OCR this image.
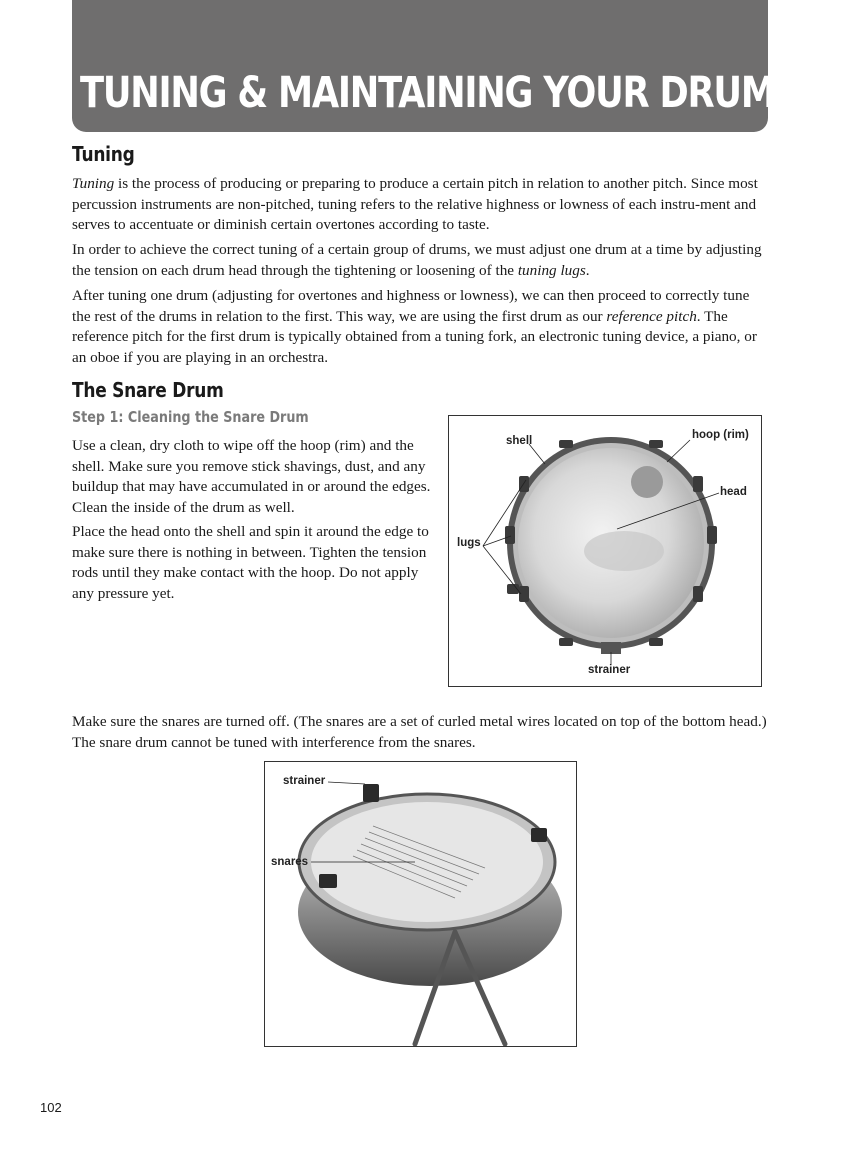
TUNING & MAINTAINING YOUR DRUMSET
Tuning

Tuning is the process of producing or preparing to produce a certain pitch in relation to another pitch. Since most percussion instruments are non-pitched, tuning refers to the relative highness or lowness of each instru-ment and serves to accentuate or diminish certain overtones according to taste.

In order to achieve the correct tuning of a certain group of drums, we must adjust one drum at a time by adjusting the tension on each drum head through the tightening or loosening of the tuning lugs.

After tuning one drum (adjusting for overtones and highness or lowness), we can then proceed to correctly tune the rest of the drums in relation to the first. This way, we are using the first drum as our reference pitch. The reference pitch for the first drum is typically obtained from a tuning fork, an electronic tuning device, a piano, or an oboe if you are playing in an orchestra.

The Snare Drum
Step 1: Cleaning the Snare Drum

Use a clean, dry cloth to wipe off the hoop (rim) and the shell. Make sure you remove stick shavings, dust, and any buildup that may have accumulated in or around the edges. Clean the inside of the drum as well.

Place the head onto the shell and spin it around the edge to make sure there is nothing in between. Tighten the tension rods until they make contact with the hoop. Do not apply any pressure yet.

shell	hoop (rim)
head
lugs
strainer

Make sure the snares are turned off. (The snares are a set of curled metal wires located on top of the bottom head.) The snare drum cannot be tuned with interference from the snares.

strainer
snares
102
